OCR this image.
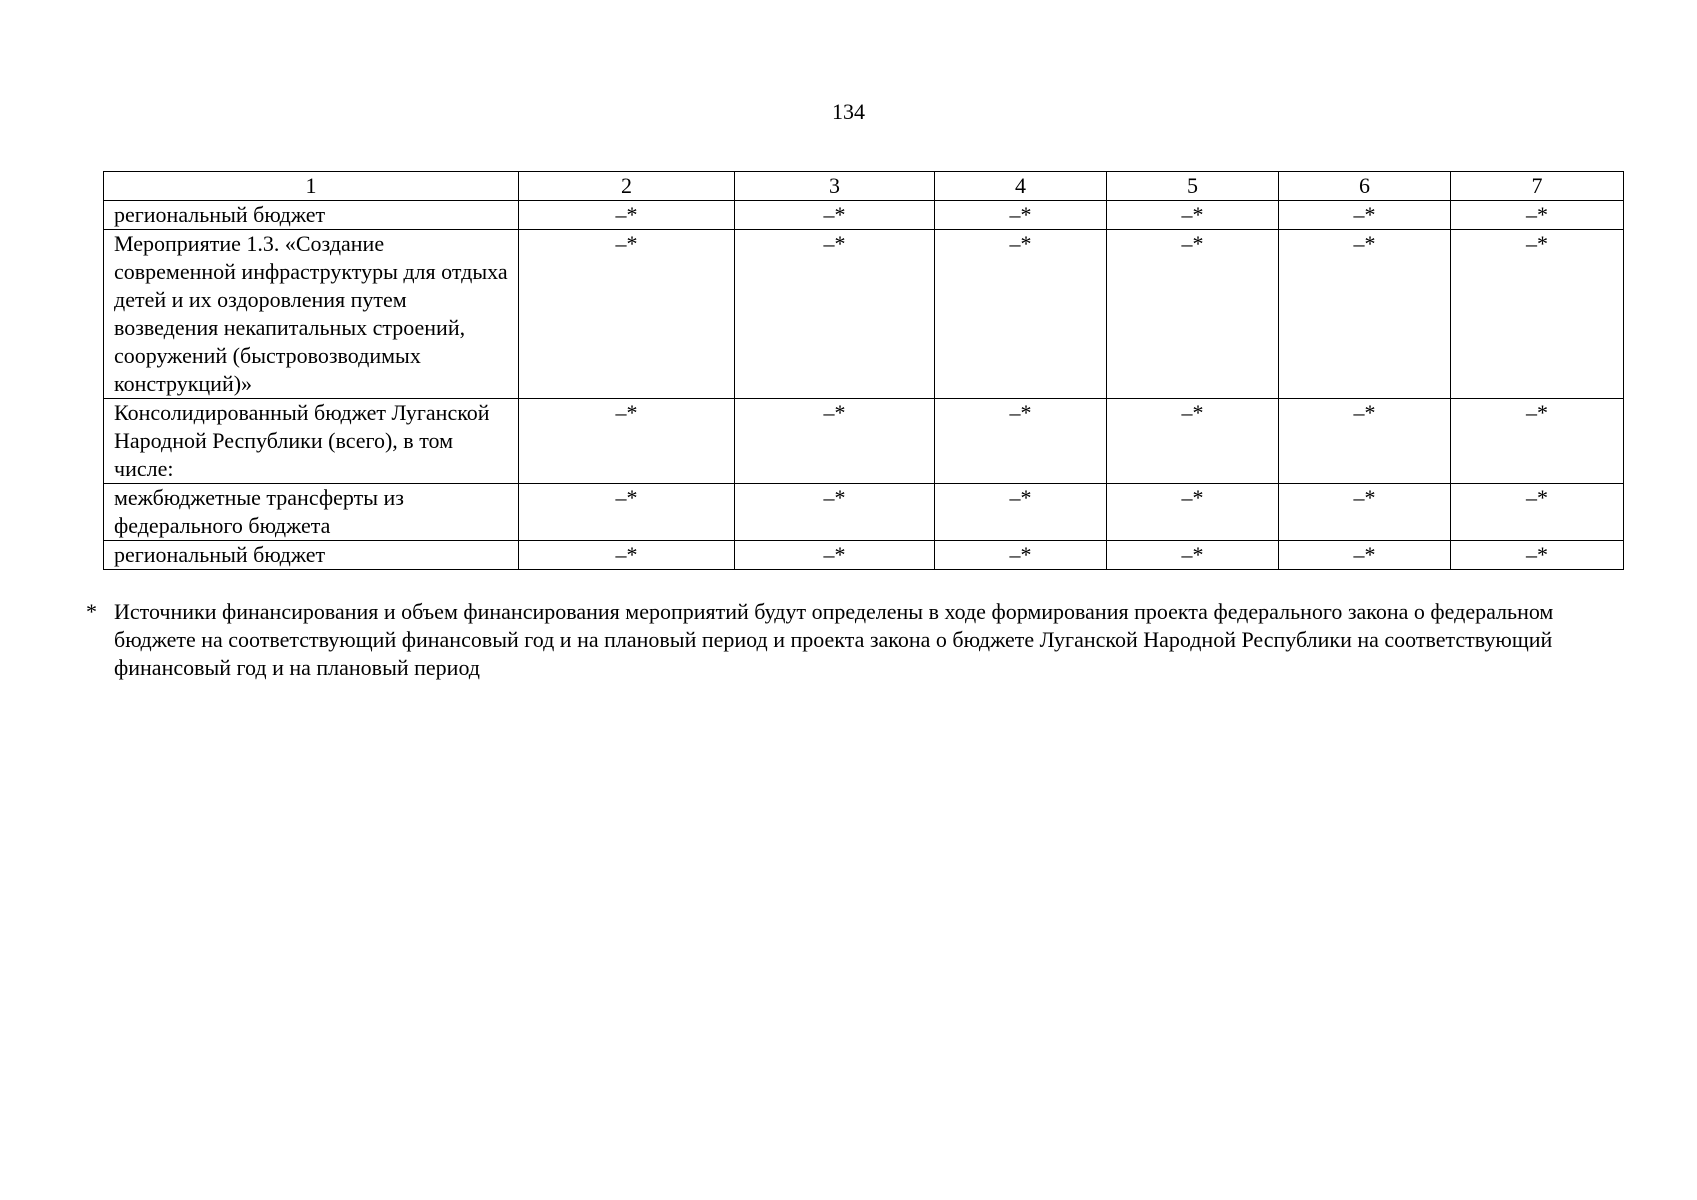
134
1	2	3	4	5	6	7
региональный бюджет	–*	–*	–*	–*	–*	–*
Мероприятие 1.3. «Создание современной инфраструктуры для отдыха детей и их оздоровления путем возведения некапитальных строений, сооружений (быстровозводимых конструкций)»	–*	–*	–*	–*	–*	–*
Консолидированный бюджет Луганской Народной Республики (всего), в том числе:	–*	–*	–*	–*	–*	–*
межбюджетные трансферты из федерального бюджета	–*	–*	–*	–*	–*	–*
региональный бюджет	–*	–*	–*	–*	–*	–*
* Источники финансирования и объем финансирования мероприятий будут определены в ходе формирования проекта федерального закона о федеральном бюджете на соответствующий финансовый год и на плановый период и проекта закона о бюджете Луганской Народной Республики на соответствующий финансовый год и на плановый период
